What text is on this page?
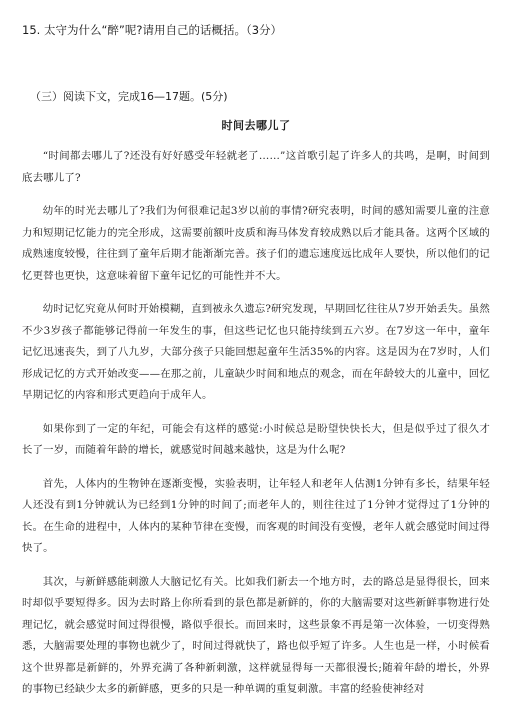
15. 太守为什么“醉”呢?请用自己的话概括。（3分）
（三）阅读下文，完成16—17题。(5分)
时间去哪儿了

“时间都去哪儿了?还没有好好感受年轻就老了……”这首歌引起了许多人的共鸣，是啊，时间到底去哪儿了?

幼年的时光去哪儿了?我们为何很难记起3岁以前的事情?研究表明，时间的感知需要儿童的注意力和短期记忆能力的完全形成，这需要前额叶皮质和海马体发育较成熟以后才能具备。这两个区域的成熟速度较慢，往往到了童年后期才能渐渐完善。孩子们的遗忘速度远比成年人要快，所以他们的记忆更替也更快，这意味着留下童年记忆的可能性并不大。

幼时记忆究竟从何时开始模糊，直到被永久遗忘?研究发现，早期回忆往往从7岁开始丢失。虽然不少3岁孩子都能够记得前一年发生的事，但这些记忆也只能持续到五六岁。在7岁这一年中，童年记忆迅速丧失，到了八九岁，大部分孩子只能回想起童年生活35%的内容。这是因为在7岁时，人们形成记忆的方式开始改变——在那之前，儿童缺少时间和地点的观念，而在年龄较大的儿童中，回忆早期记忆的内容和形式更趋向于成年人。

如果你到了一定的年纪，可能会有这样的感觉:小时候总是盼望快快长大，但是似乎过了很久才长了一岁，而随着年龄的增长，就感觉时间越来越快，这是为什么呢?

首先，人体内的生物钟在逐渐变慢，实验表明，让年轻人和老年人估测1分钟有多长，结果年轻人还没有到1分钟就认为已经到1分钟的时间了;而老年人的，则往往过了1分钟才觉得过了1分钟的长。在生命的进程中，人体内的某种节律在变慢，而客观的时间没有变慢，老年人就会感觉时间过得快了。

其次，与新鲜感能刺激人大脑记忆有关。比如我们新去一个地方时，去的路总是显得很长，回来时却似乎要短得多。因为去时路上你所看到的景色都是新鲜的，你的大脑需要对这些新鲜事物进行处理记忆，就会感觉时间过得很慢，路似乎很长。而回来时，这些景象不再是第一次体验，一切变得熟悉，大脑需要处理的事物也就少了，时间过得就快了，路也似乎短了许多。人生也是一样，小时候看这个世界都是新鲜的，外界充满了各种新刺激，这样就显得每一天都很漫长;随着年龄的增长，外界的事物已经缺少太多的新鲜感，更多的只是一种单调的重复刺激。丰富的经验使神经对
